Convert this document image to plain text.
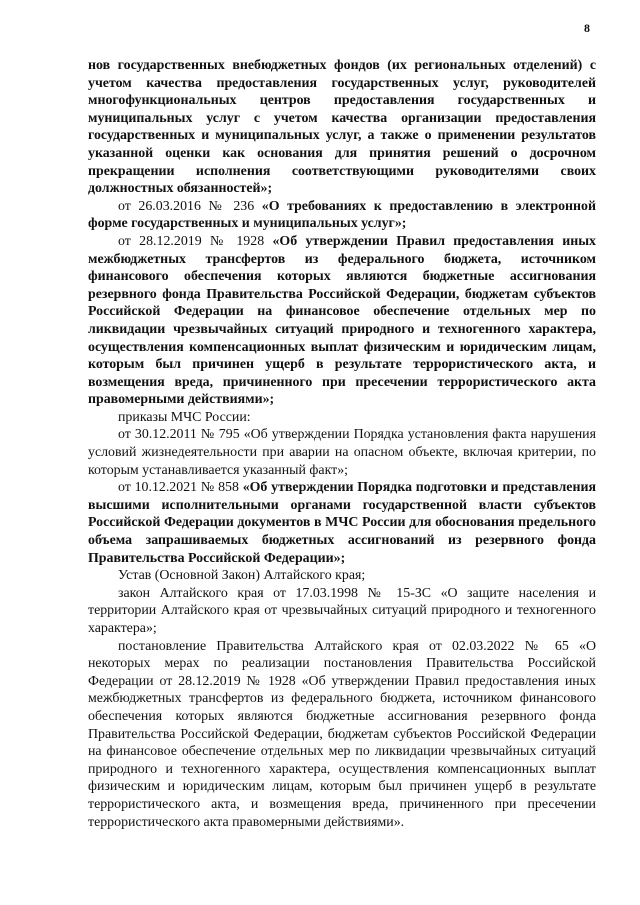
8

нов государственных внебюджетных фондов (их региональных отделений) с учетом качества предоставления государственных услуг, руководителей многофункциональных центров предоставления государственных и муниципальных услуг с учетом качества организации предоставления государственных и муниципальных услуг, а также о применении результатов указанной оценки как основания для принятия решений о досрочном прекращении исполнения соответствующими руководителями своих должностных обязанностей»;

от 26.03.2016 № 236 «О требованиях к предоставлению в электронной форме государственных и муниципальных услуг»;

от 28.12.2019 № 1928 «Об утверждении Правил предоставления иных межбюджетных трансфертов из федерального бюджета, источником финансового обеспечения которых являются бюджетные ассигнования резервного фонда Правительства Российской Федерации, бюджетам субъектов Российской Федерации на финансовое обеспечение отдельных мер по ликвидации чрезвычайных ситуаций природного и техногенного характера, осуществления компенсационных выплат физическим и юридическим лицам, которым был причинен ущерб в результате террористического акта, и возмещения вреда, причиненного при пресечении террористического акта правомерными действиями»;

приказы МЧС России:

от 30.12.2011 № 795 «Об утверждении Порядка установления факта нарушения условий жизнедеятельности при аварии на опасном объекте, включая критерии, по которым устанавливается указанный факт»;

от 10.12.2021 № 858 «Об утверждении Порядка подготовки и представления высшими исполнительными органами государственной власти субъектов Российской Федерации документов в МЧС России для обоснования предельного объема запрашиваемых бюджетных ассигнований из резервного фонда Правительства Российской Федерации»;

Устав (Основной Закон) Алтайского края;

закон Алтайского края от 17.03.1998 № 15-ЗС «О защите населения и территории Алтайского края от чрезвычайных ситуаций природного и техногенного характера»;

постановление Правительства Алтайского края от 02.03.2022 № 65 «О некоторых мерах по реализации постановления Правительства Российской Федерации от 28.12.2019 № 1928 «Об утверждении Правил предоставления иных межбюджетных трансфертов из федерального бюджета, источником финансового обеспечения которых являются бюджетные ассигнования резервного фонда Правительства Российской Федерации, бюджетам субъектов Российской Федерации на финансовое обеспечение отдельных мер по ликвидации чрезвычайных ситуаций природного и техногенного характера, осуществления компенсационных выплат физическим и юридическим лицам, которым был причинен ущерб в результате террористического акта, и возмещения вреда, причиненного при пресечении террористического акта правомерными действиями».
